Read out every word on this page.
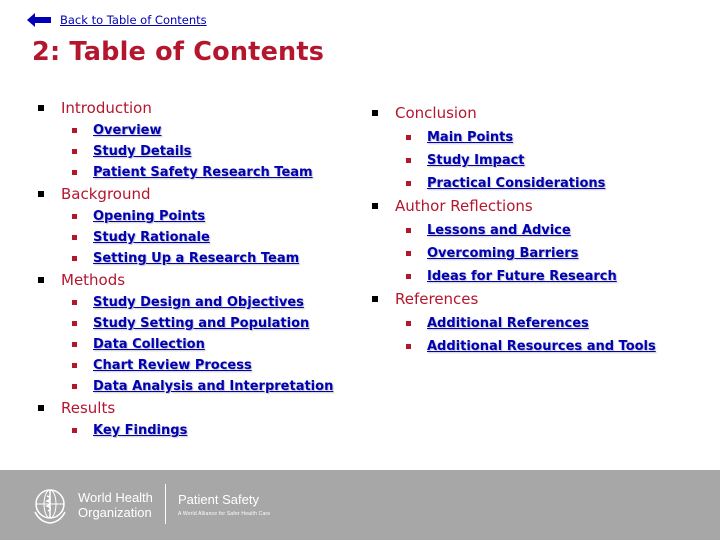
Back to Table of Contents
2: Table of Contents
Introduction
Overview
Study Details
Patient Safety Research Team
Background
Opening Points
Study Rationale
Setting Up a Research Team
Methods
Study Design and Objectives
Study Setting and Population
Data Collection
Chart Review Process
Data Analysis and Interpretation
Results
Key Findings
Conclusion
Main Points
Study Impact
Practical Considerations
Author Reflections
Lessons and Advice
Overcoming Barriers
Ideas for Future Research
References
Additional References
Additional Resources and Tools
World Health
Organization
Patient Safety
A World Alliance for Safer Health Care
